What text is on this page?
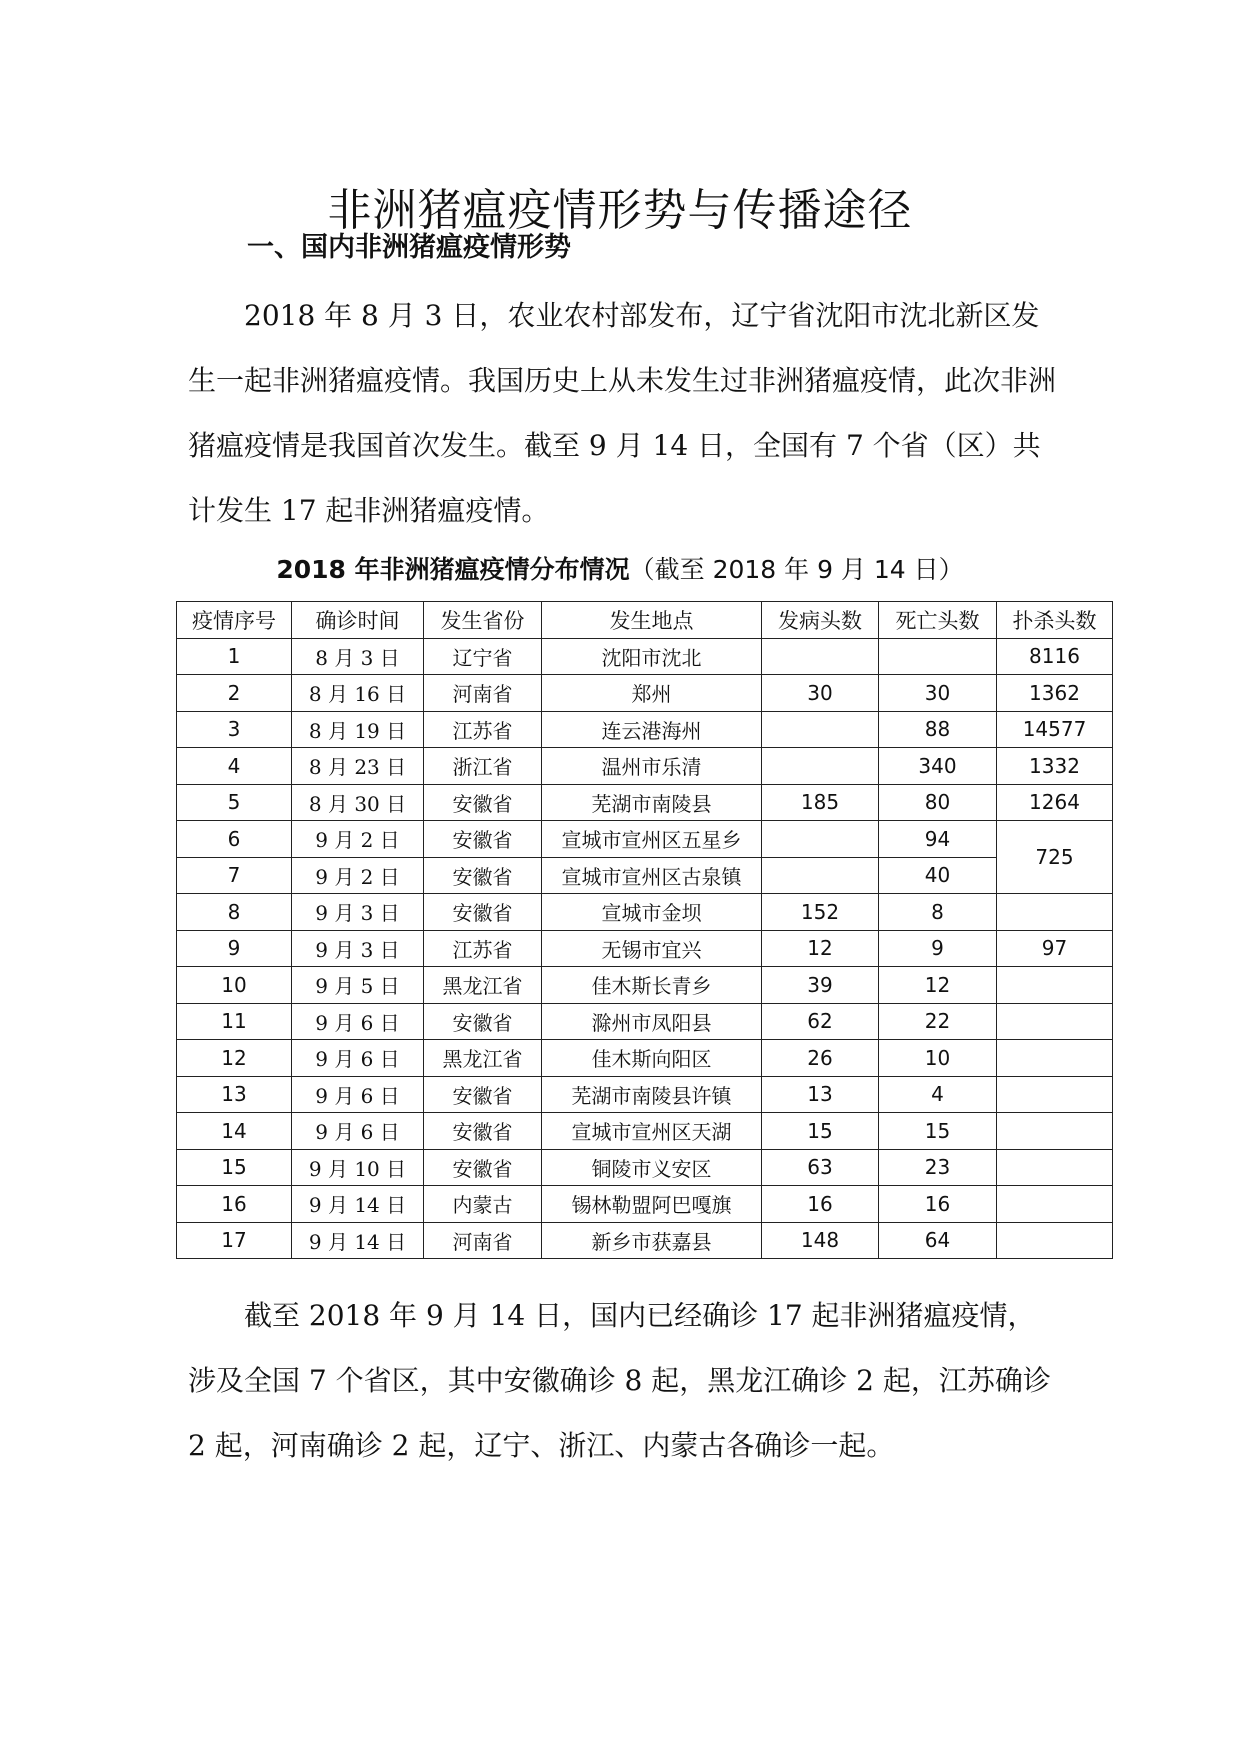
非洲猪瘟疫情形势与传播途径
一、国内非洲猪瘟疫情形势

2018 年 8 月 3 日，农业农村部发布，辽宁省沈阳市沈北新区发生一起非洲猪瘟疫情。我国历史上从未发生过非洲猪瘟疫情，此次非洲猪瘟疫情是我国首次发生。截至 9 月 14 日，全国有 7 个省（区）共计发生 17 起非洲猪瘟疫情。

2018 年非洲猪瘟疫情分布情况（截至 2018 年 9 月 14 日）
疫情序号	确诊时间	发生省份	发生地点	发病头数	死亡头数	扑杀头数
1	8 月 3 日	辽宁省	沈阳市沈北			8116
2	8 月 16 日	河南省	郑州	30	30	1362
3	8 月 19 日	江苏省	连云港海州		88	14577
4	8 月 23 日	浙江省	温州市乐清		340	1332
5	8 月 30 日	安徽省	芜湖市南陵县	185	80	1264
6	9 月 2 日	安徽省	宣城市宣州区五星乡		94	725
7	9 月 2 日	安徽省	宣城市宣州区古泉镇		40	
8	9 月 3 日	安徽省	宣城市金坝	152	8	
9	9 月 3 日	江苏省	无锡市宜兴	12	9	97
10	9 月 5 日	黑龙江省	佳木斯长青乡	39	12	
11	9 月 6 日	安徽省	滁州市凤阳县	62	22	
12	9 月 6 日	黑龙江省	佳木斯向阳区	26	10	
13	9 月 6 日	安徽省	芜湖市南陵县许镇	13	4	
14	9 月 6 日	安徽省	宣城市宣州区天湖	15	15	
15	9 月 10 日	安徽省	铜陵市义安区	63	23	
16	9 月 14 日	内蒙古	锡林勒盟阿巴嘎旗	16	16	
17	9 月 14 日	河南省	新乡市获嘉县	148	64	

截至 2018 年 9 月 14 日，国内已经确诊 17 起非洲猪瘟疫情，涉及全国 7 个省区，其中安徽确诊 8 起，黑龙江确诊 2 起，江苏确诊 2 起，河南确诊 2 起，辽宁、浙江、内蒙古各确诊一起。
